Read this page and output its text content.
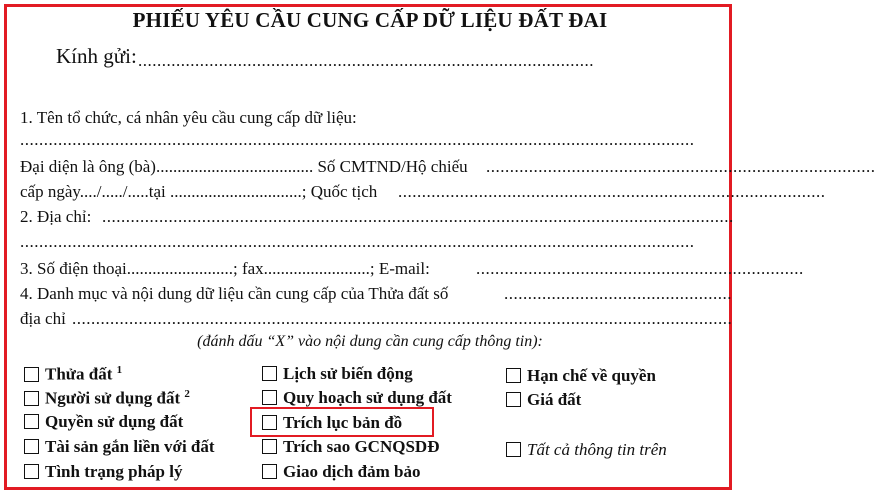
PHIẾU YÊU CẦU CUNG CẤP DỮ LIỆU ĐẤT ĐAI
Kính gửi: ................................................................................................
1. Tên tổ chức, cá nhân yêu cầu cung cấp dữ liệu:
..............................................................................................................................................
Đại diện là ông (bà)..................................... Số CMTND/Hộ chiếu ..................................................................................
cấp ngày..../...../.....tại ...............................; Quốc tịch ..........................................................................................
2. Địa chỉ: .....................................................................................................................................
..............................................................................................................................................
3. Số điện thoại.........................; fax.........................; E-mail:	.....................................................................
4. Danh mục và nội dung dữ liệu cần cung cấp của Thửa đất số	................................................
địa chỉ ...........................................................................................................................................
(đánh dấu “X” vào nội dung cần cung cấp thông tin):
Thửa đất $^1$
Người sử dụng đất $^2$
Quyền sử dụng đất
Tài sản gắn liền với đất
Tình trạng pháp lý
Lịch sử biến động
Quy hoạch sử dụng đất
Trích lục bản đồ
Trích sao GCNQSDĐ
Giao dịch đảm bảo
Hạn chế về quyền
Giá đất
Tất cả thông tin trên
